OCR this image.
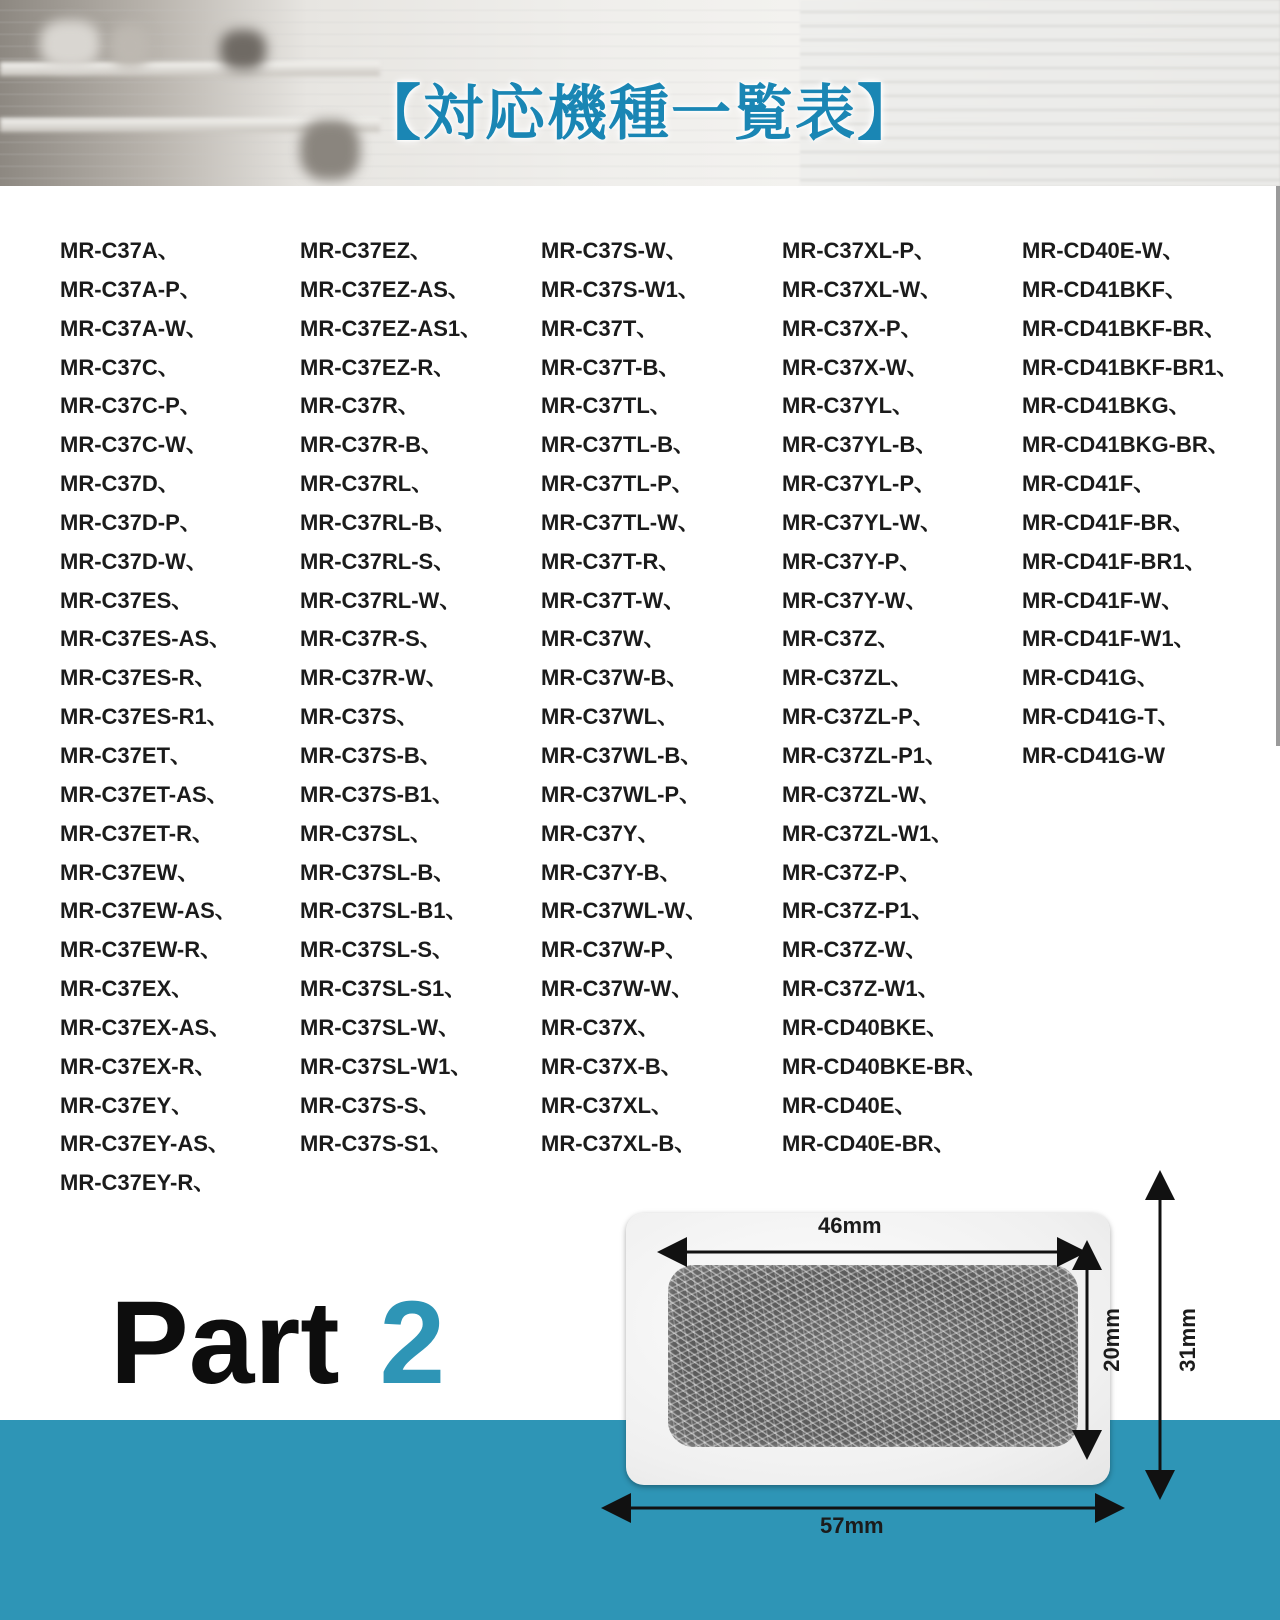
【対応機種一覧表】
MR-C37A、
MR-C37A-P、
MR-C37A-W、
MR-C37C、
MR-C37C-P、
MR-C37C-W、
MR-C37D、
MR-C37D-P、
MR-C37D-W、
MR-C37ES、
MR-C37ES-AS、
MR-C37ES-R、
MR-C37ES-R1、
MR-C37ET、
MR-C37ET-AS、
MR-C37ET-R、
MR-C37EW、
MR-C37EW-AS、
MR-C37EW-R、
MR-C37EX、
MR-C37EX-AS、
MR-C37EX-R、
MR-C37EY、
MR-C37EY-AS、
MR-C37EY-R、
MR-C37EZ、
MR-C37EZ-AS、
MR-C37EZ-AS1、
MR-C37EZ-R、
MR-C37R、
MR-C37R-B、
MR-C37RL、
MR-C37RL-B、
MR-C37RL-S、
MR-C37RL-W、
MR-C37R-S、
MR-C37R-W、
MR-C37S、
MR-C37S-B、
MR-C37S-B1、
MR-C37SL、
MR-C37SL-B、
MR-C37SL-B1、
MR-C37SL-S、
MR-C37SL-S1、
MR-C37SL-W、
MR-C37SL-W1、
MR-C37S-S、
MR-C37S-S1、
MR-C37S-W、
MR-C37S-W1、
MR-C37T、
MR-C37T-B、
MR-C37TL、
MR-C37TL-B、
MR-C37TL-P、
MR-C37TL-W、
MR-C37T-R、
MR-C37T-W、
MR-C37W、
MR-C37W-B、
MR-C37WL、
MR-C37WL-B、
MR-C37WL-P、
MR-C37Y、
MR-C37Y-B、
MR-C37WL-W、
MR-C37W-P、
MR-C37W-W、
MR-C37X、
MR-C37X-B、
MR-C37XL、
MR-C37XL-B、
MR-C37XL-P、
MR-C37XL-W、
MR-C37X-P、
MR-C37X-W、
MR-C37YL、
MR-C37YL-B、
MR-C37YL-P、
MR-C37YL-W、
MR-C37Y-P、
MR-C37Y-W、
MR-C37Z、
MR-C37ZL、
MR-C37ZL-P、
MR-C37ZL-P1、
MR-C37ZL-W、
MR-C37ZL-W1、
MR-C37Z-P、
MR-C37Z-P1、
MR-C37Z-W、
MR-C37Z-W1、
MR-CD40BKE、
MR-CD40BKE-BR、
MR-CD40E、
MR-CD40E-BR、
MR-CD40E-W、
MR-CD41BKF、
MR-CD41BKF-BR、
MR-CD41BKF-BR1、
MR-CD41BKG、
MR-CD41BKG-BR、
MR-CD41F、
MR-CD41F-BR、
MR-CD41F-BR1、
MR-CD41F-W、
MR-CD41F-W1、
MR-CD41G、
MR-CD41G-T、
MR-CD41G-W
Part 2
46mm
20mm
57mm
31mm
